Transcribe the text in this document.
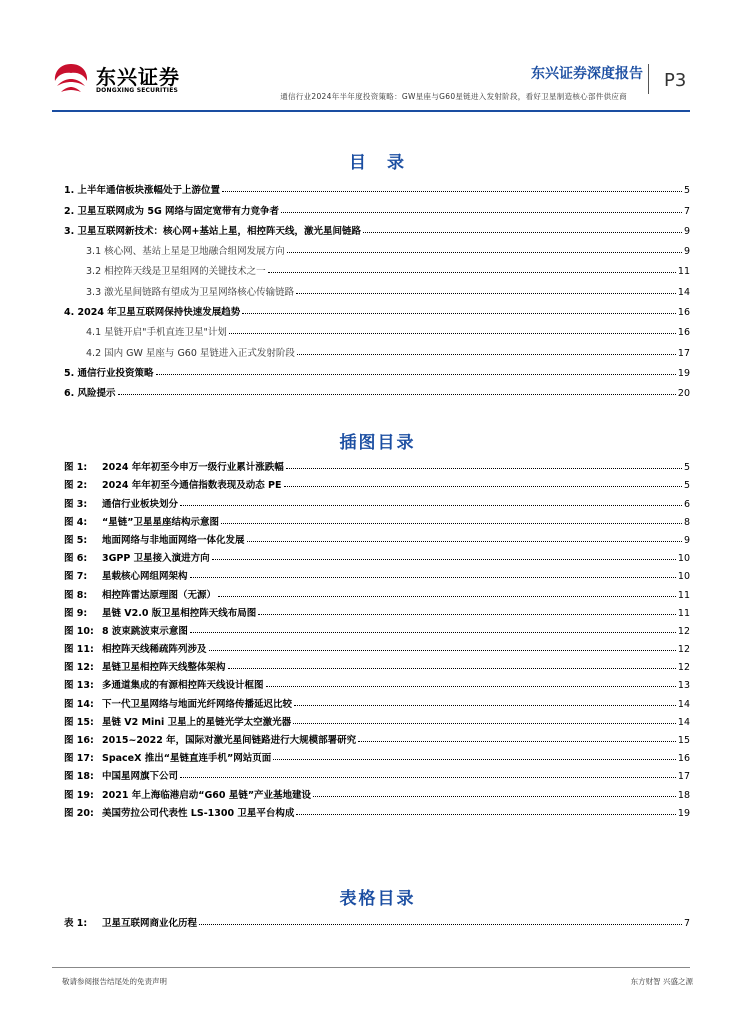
东兴证券
DONGXING SECURITIES
东兴证券深度报告 P3
通信行业2024年半年度投资策略：GW星座与G60星链进入发射阶段，看好卫星制造核心部件供应商
目　录
1. 上半年通信板块涨幅处于上游位置	5
2. 卫星互联网成为 5G 网络与固定宽带有力竞争者	7
3. 卫星互联网新技术：核心网+基站上星，相控阵天线，激光星间链路	9
3.1 核心网、基站上星是卫地融合组网发展方向	9
3.2 相控阵天线是卫星组网的关键技术之一	11
3.3 激光星间链路有望成为卫星网络核心传输链路	14
4. 2024 年卫星互联网保持快速发展趋势	16
4.1 星链开启"手机直连卫星"计划	16
4.2 国内 GW 星座与 G60 星链进入正式发射阶段	17
5. 通信行业投资策略	19
6. 风险提示	20
插图目录
图 1:	2024 年年初至今申万一级行业累计涨跌幅	5
图 2:	2024 年年初至今通信指数表现及动态 PE	5
图 3:	通信行业板块划分	6
图 4:	“星链”卫星星座结构示意图	8
图 5:	地面网络与非地面网络一体化发展	9
图 6:	3GPP 卫星接入演进方向	10
图 7:	星载核心网组网架构	10
图 8:	相控阵雷达原理图（无源）	11
图 9:	星链 V2.0 版卫星相控阵天线布局图	11
图 10: 8 波束跳波束示意图	12
图 11: 相控阵天线稀疏阵列涉及	12
图 12: 星链卫星相控阵天线整体架构	12
图 13: 多通道集成的有源相控阵天线设计框图	13
图 14: 下一代卫星网络与地面光纤网络传播延迟比较	14
图 15: 星链 V2 Mini 卫星上的星链光学太空激光器	14
图 16: 2015~2022 年，国际对激光星间链路进行大规模部署研究	15
图 17: SpaceX 推出“星链直连手机”网站页面	16
图 18: 中国星网旗下公司	17
图 19: 2021 年上海临港启动“G60 星链”产业基地建设	18
图 20: 美国劳拉公司代表性 LS-1300 卫星平台构成	19
表格目录
表 1:	卫星互联网商业化历程	7
敬请参阅报告结尾处的免责声明	东方财智 兴盛之源
